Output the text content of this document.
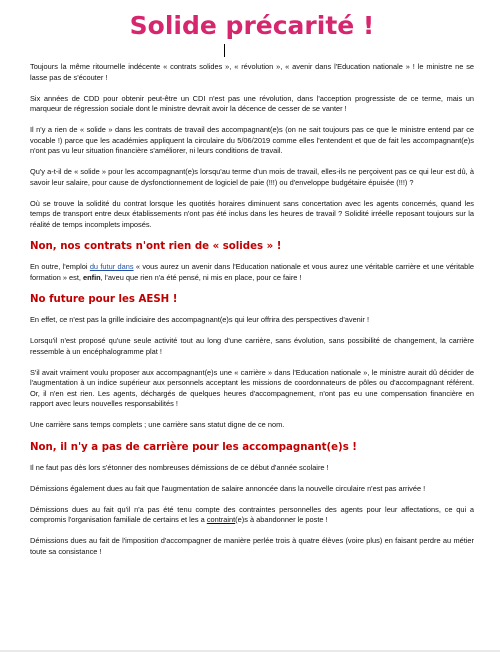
Solide précarité !

Toujours la même ritournelle indécente « contrats solides », « révolution », « avenir dans l'Education nationale » ! le ministre ne se lasse pas de s'écouter !

Six années de CDD pour obtenir peut-être un CDI n'est pas une révolution, dans l'acception progressiste de ce terme, mais un marqueur de régression sociale dont le ministre devrait avoir la décence de cesser de se vanter !

Il n'y a rien de « solide » dans les contrats de travail des accompagnant(e)s (on ne sait toujours pas ce que le ministre entend par ce vocable !) parce que les académies appliquent la circulaire du 5/06/2019 comme elles l'entendent et que de fait les accompagnant(e)s n'ont pas vu leur situation financière s'améliorer, ni leurs conditions de travail.

Qu'y a-t-il de « solide » pour les accompagnant(e)s lorsqu'au terme d'un mois de travail, elles-ils ne perçoivent pas ce qui leur est dû, à savoir leur salaire, pour cause de dysfonctionnement de logiciel de paie (!!!) ou d'enveloppe budgétaire épuisée (!!!) ?

Où se trouve la solidité du contrat lorsque les quotités horaires diminuent sans concertation avec les agents concernés, quand les temps de transport entre deux établissements n'ont pas été inclus dans les heures de travail ? Solidité irréelle reposant toujours sur la réalité de temps incomplets imposés.

Non, nos contrats n'ont rien de « solides » !

En outre, l'emploi du futur dans « vous aurez un avenir dans l'Education nationale et vous aurez une véritable carrière et une véritable formation » est, enfin, l'aveu que rien n'a été pensé, ni mis en place, pour ce faire !

No future pour les AESH !

En effet, ce n'est pas la grille indiciaire des accompagnant(e)s qui leur offrira des perspectives d'avenir !

Lorsqu'il n'est proposé qu'une seule activité tout au long d'une carrière, sans évolution, sans possibilité de changement, la carrière ressemble à un encéphalogramme plat !

S'il avait vraiment voulu proposer aux accompagnant(e)s une « carrière » dans l'Education nationale », le ministre aurait dû décider de l'augmentation à un indice supérieur aux personnels acceptant les missions de coordonnateurs de pôles ou d'accompagnant référent. Or, il n'en est rien. Les agents, déchargés de quelques heures d'accompagnement, n'ont pas eu une compensation financière en rapport avec leurs nouvelles responsabilités !

Une carrière sans temps complets ; une carrière sans statut digne de ce nom.

Non, il n'y a pas de carrière pour les accompagnant(e)s !

Il ne faut pas dès lors s'étonner des nombreuses démissions de ce début d'année scolaire !

Démissions également dues au fait que l'augmentation de salaire annoncée dans la nouvelle circulaire n'est pas arrivée !

Démissions dues au fait qu'il n'a pas été tenu compte des contraintes personnelles des agents pour leur affectations, ce qui a compromis l'organisation familiale de certains et les a contraint(e)s à abandonner le poste !

Démissions dues au fait de l'imposition d'accompagner de manière perlée trois à quatre élèves (voire plus) en faisant perdre au métier toute sa consistance !
